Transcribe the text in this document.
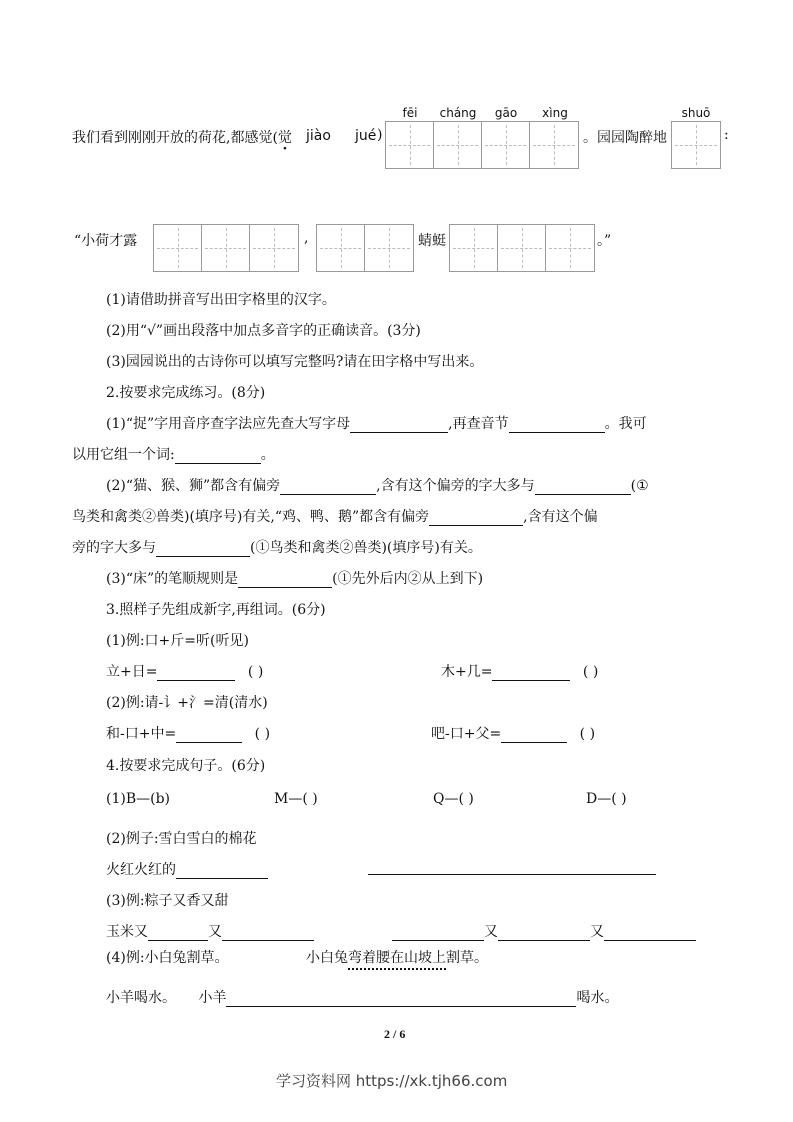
我们看到刚刚开放的荷花,都感觉(觉 jiào jué )
fēi	cháng	gāo	xìng
。园园陶醉地
shuō
:
“小荷才露	,	蜻蜓	。”
(1)请借助拼音写出田字格里的汉字。
(2)用“√”画出段落中加点多音字的正确读音。(3分)
(3)园园说出的古诗你可以填写完整吗?请在田字格中写出来。
2.按要求完成练习。(8分)
(1)“捉”字用音序查字法应先查大写字母	,再查音节	。我可
以用它组一个词:	。
(2)“猫、猴、狮”都含有偏旁	,含有这个偏旁的字大多与	(①
鸟类和禽类②兽类)(填序号)有关,“鸡、鸭、鹅”都含有偏旁	,含有这个偏
旁的字大多与	(①鸟类和禽类②兽类)(填序号)有关。
(3)“床”的笔顺规则是	(①先外后内②从上到下)
3.照样子先组成新字,再组词。(6分)
(1)例:口+斤=听(听见)
立+日=	( )	木+几=	( )
(2)例:请-讠+氵=清(清水)
和-口+中=	( )	吧-口+父=	( )
4.按要求完成句子。(6分)
(1)B—(b)	M—( )	Q—( )	D—( )
(2)例子:雪白雪白的棉花
火红火红的
(3)例:粽子又香又甜
玉米又	又	又	又
(4)例:小白兔割草。	小白兔弯着腰在山坡上割草。
小羊喝水。 小羊	喝水。
2 / 6
学习资料网 https://xk.tjh66.com
